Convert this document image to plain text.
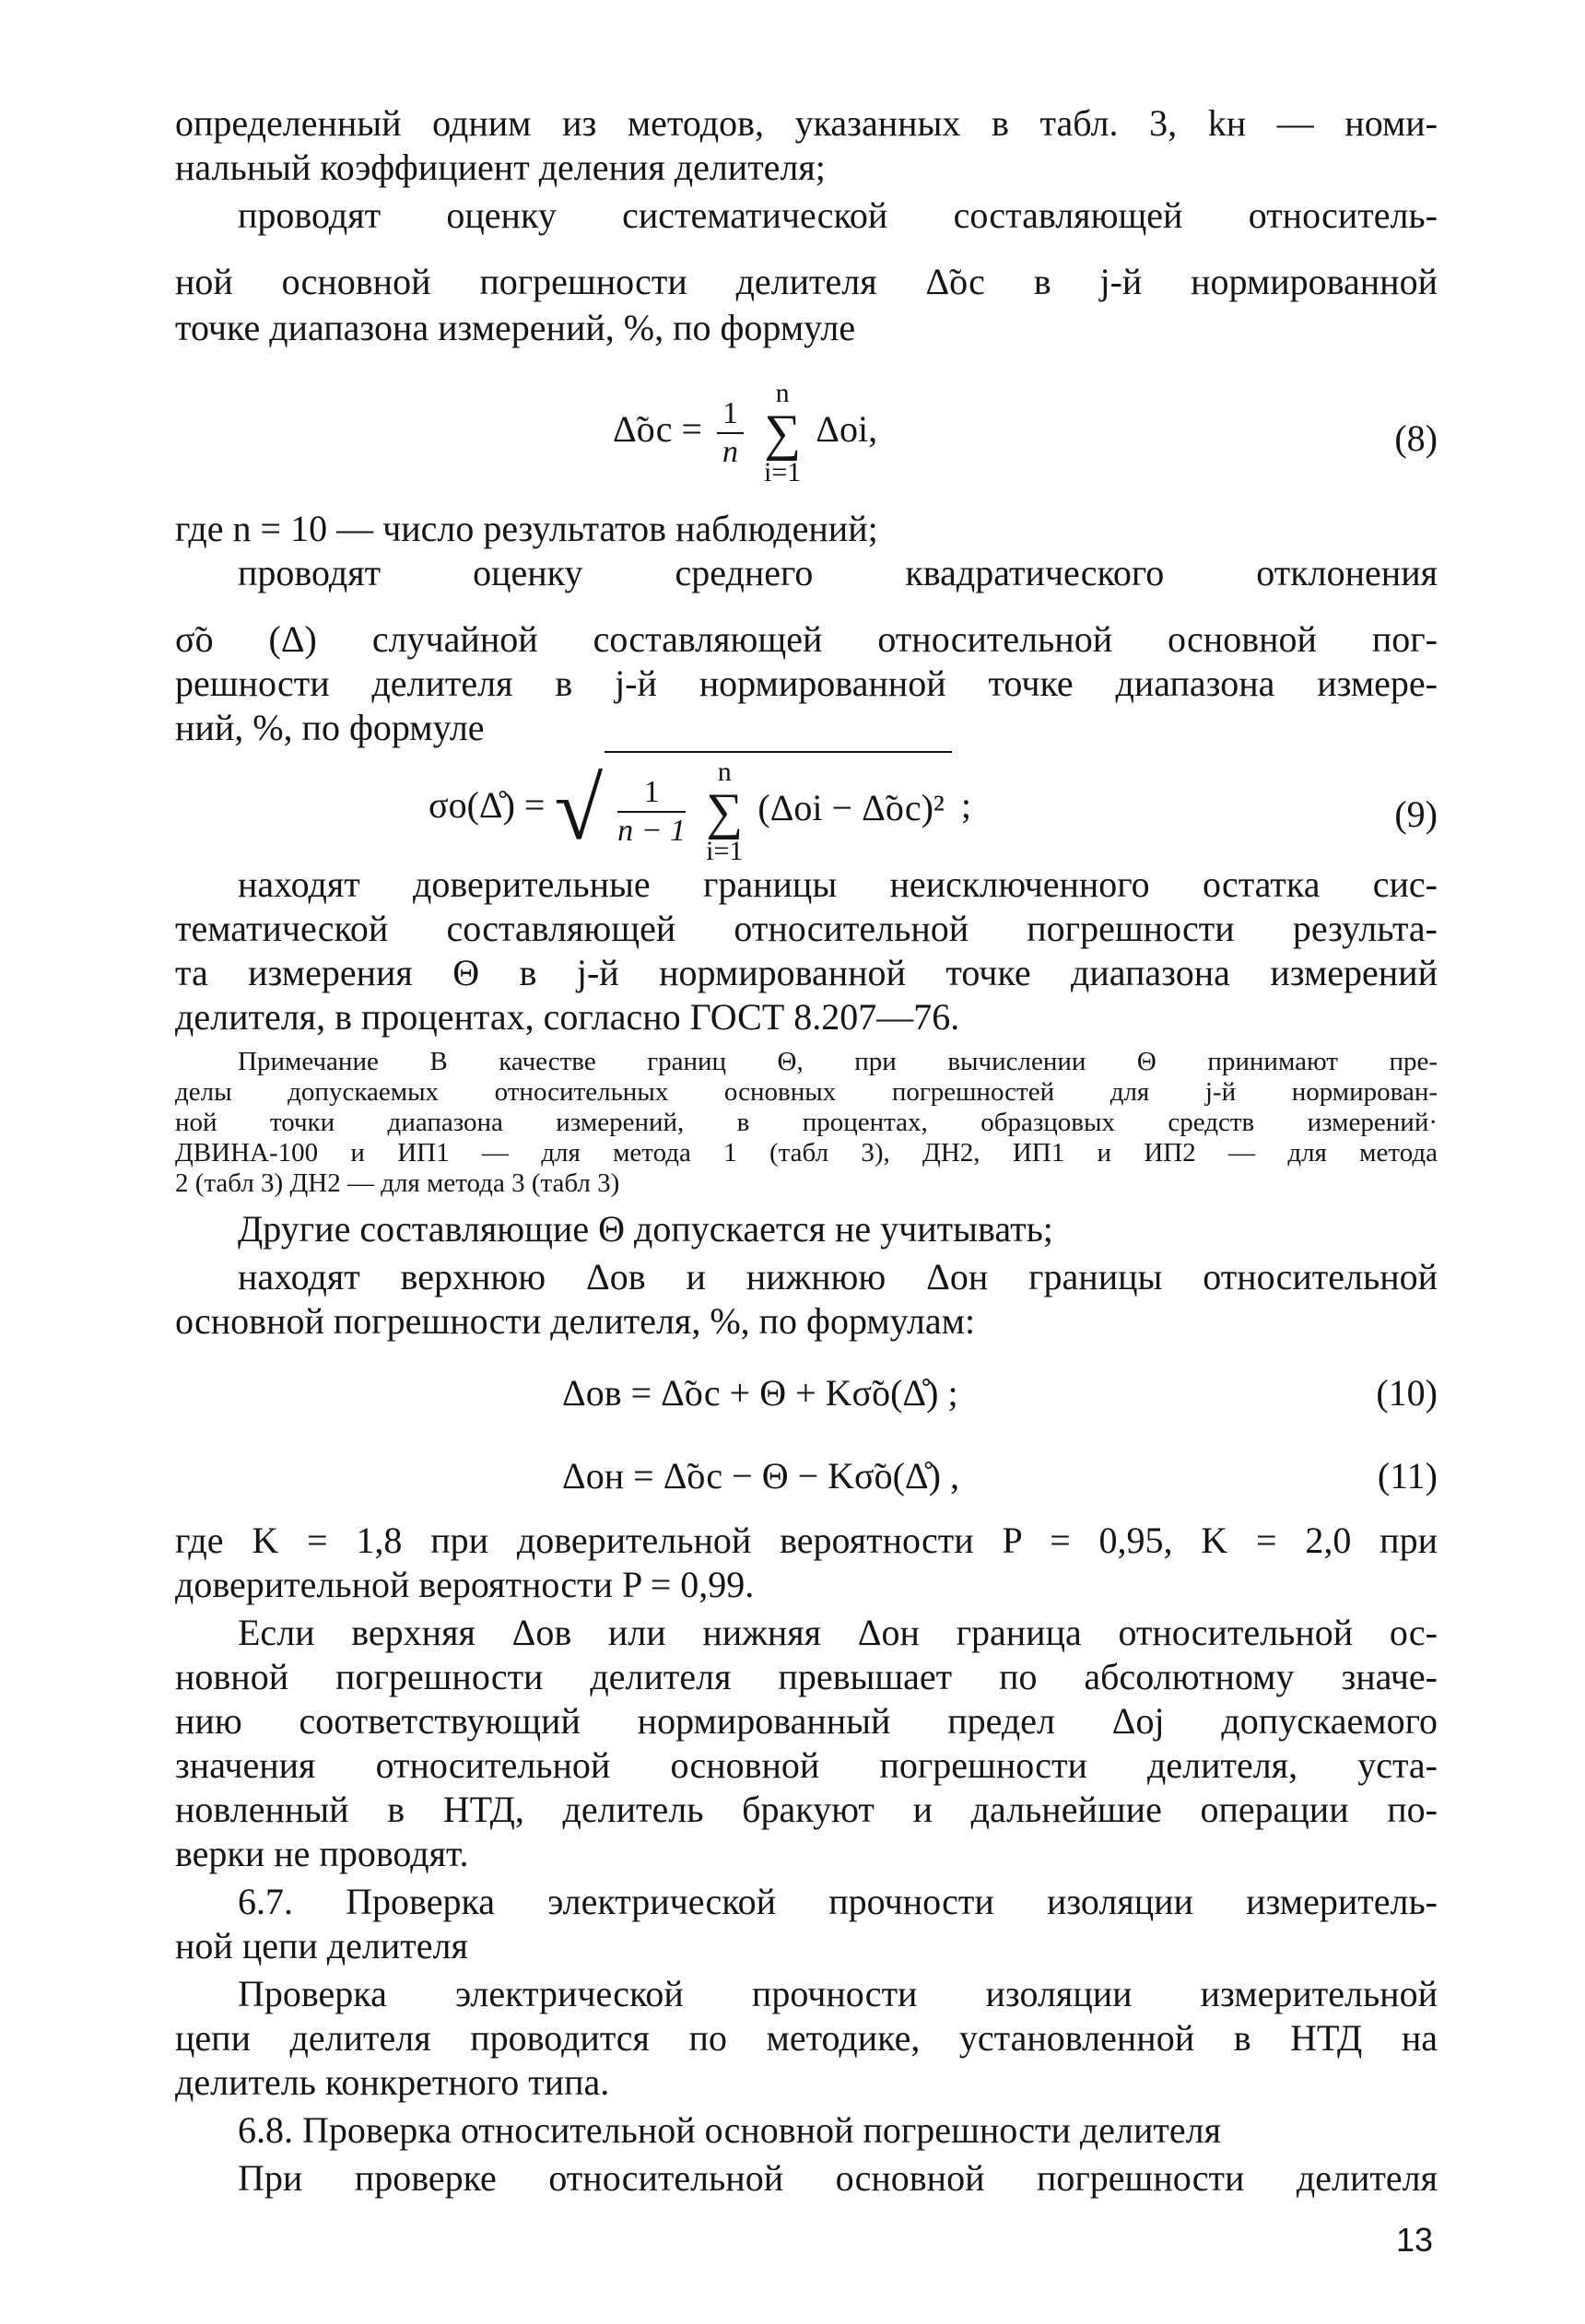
определенный одним из методов, указанных в табл. 3, kн — номи-
нальный коэффициент деления делителя;
проводят оценку систематической составляющей относитель-
ной основной погрешности делителя Δ̃ос в j-й нормированной
точке диапазона измерений, %, по формуле
Δ̃ос = $\frac{1}{n}$
n
∑
i=1 Δоi,	(8)
где n = 10 — число результатов наблюдений;
проводят оценку среднего квадратического отклонения
σ̃о (Δ) случайной составляющей относительной основной пог-
решности делителя в j-й нормированной точке диапазона измере-
ний, %, по формуле
σо(Δ̊) = √ $\frac{1}{n - 1}$
n
∑
i=1 (Δоi − Δ̃ос)² ;	(9)
находят доверительные границы неисключенного остатка сис-
тематической составляющей относительной погрешности результа-
та измерения Θ в j-й нормированной точке диапазона измерений
делителя, в процентах, согласно ГОСТ 8.207—76.
Примечание В качестве границ Θ, при вычислении Θ принимают пре-
делы допускаемых относительных основных погрешностей для j-й нормирован-
ной точки диапазона измерений, в процентах, образцовых средств измерений·
ДВИНА-100 и ИП1 — для метода 1 (табл 3), ДН2, ИП1 и ИП2 — для метода
2 (табл 3) ДН2 — для метода 3 (табл 3)
Другие составляющие Θ допускается не учитывать;
находят верхнюю Δов и нижнюю Δон границы относительной
основной погрешности делителя, %, по формулам:
Δов = Δ̃ос + Θ + Kσ̃о(Δ̊) ;	(10)
Δон = Δ̃ос − Θ − Kσ̃о(Δ̊) ,	(11)
где K = 1,8 при доверительной вероятности P = 0,95, K = 2,0 при
доверительной вероятности P = 0,99.
Если верхняя Δов или нижняя Δон граница относительной ос-
новной погрешности делителя превышает по абсолютному значе-
нию соответствующий нормированный предел Δоj допускаемого
значения относительной основной погрешности делителя, уста-
новленный в НТД, делитель бракуют и дальнейшие операции по-
верки не проводят.
6.7. Проверка электрической прочности изоляции измеритель-
ной цепи делителя
Проверка электрической прочности изоляции измерительной
цепи делителя проводится по методике, установленной в НТД на
делитель конкретного типа.
6.8. Проверка относительной основной погрешности делителя
При проверке относительной основной погрешности делителя
13
